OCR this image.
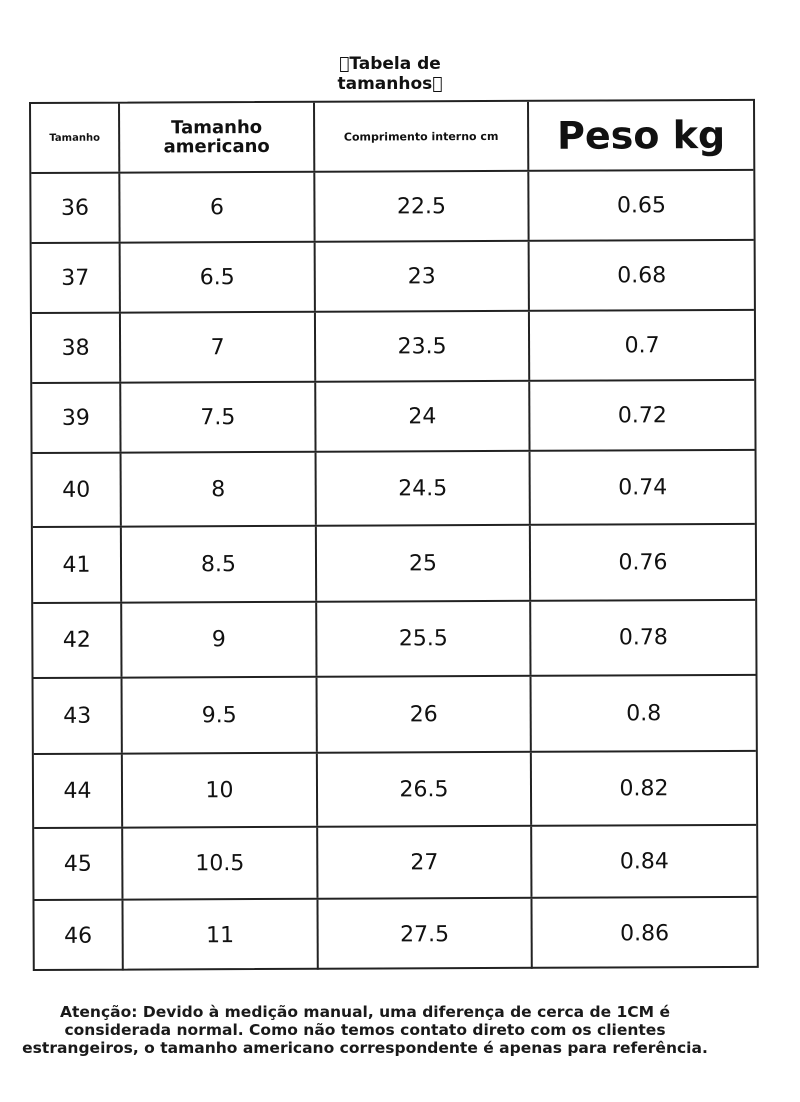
 Tabela de
tamanhos 
Tamanho	Tamanho americano	Comprimento interno cm	Peso kg
36	6	22.5	0.65
37	6.5	23	0.68
38	7	23.5	0.7
39	7.5	24	0.72
40	8	24.5	0.74
41	8.5	25	0.76
42	9	25.5	0.78
43	9.5	26	0.8
44	10	26.5	0.82
45	10.5	27	0.84
46	11	27.5	0.86
Atenção: Devido à medição manual, uma diferença de cerca de 1CM é
considerada normal. Como não temos contato direto com os clientes
estrangeiros, o tamanho americano correspondente é apenas para referência.
